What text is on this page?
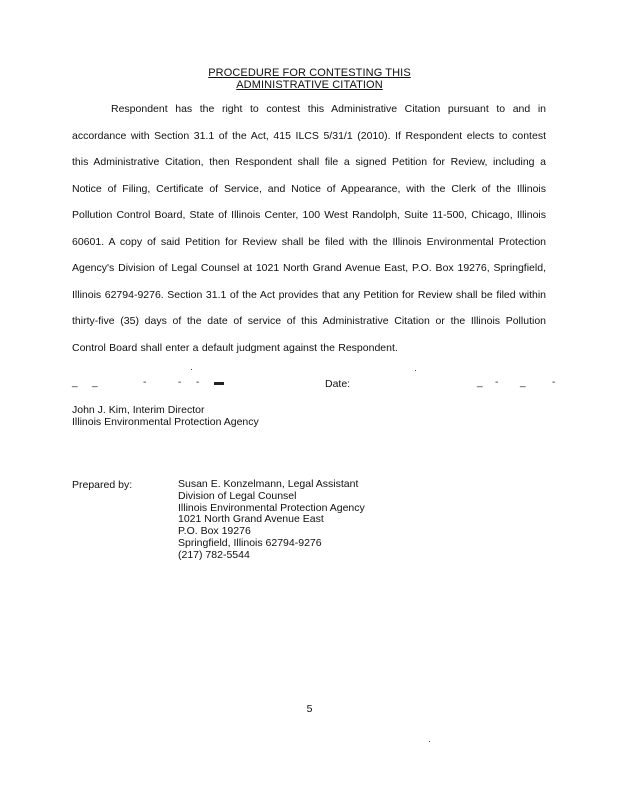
PROCEDURE FOR CONTESTING THIS
ADMINISTRATIVE CITATION

Respondent has the right to contest this Administrative Citation pursuant to and in accordance with Section 31.1 of the Act, 415 ILCS 5/31/1 (2010). If Respondent elects to contest this Administrative Citation, then Respondent shall file a signed Petition for Review, including a Notice of Filing, Certificate of Service, and Notice of Appearance, with the Clerk of the Illinois Pollution Control Board, State of Illinois Center, 100 West Randolph, Suite 11-500, Chicago, Illinois 60601. A copy of said Petition for Review shall be filed with the Illinois Environmental Protection Agency's Division of Legal Counsel at 1021 North Grand Avenue East, P.O. Box 19276, Springfield, Illinois 62794-9276. Section 31.1 of the Act provides that any Petition for Review shall be filed within thirty-five (35) days of the date of service of this Administrative Citation or the Illinois Pollution Control Board shall enter a default judgment against the Respondent.

_ _	-	- - ▬	Date:	_ - _	-
John J. Kim, Interim Director
Illinois Environmental Protection Agency
Prepared by:	Susan E. Konzelmann, Legal Assistant
Division of Legal Counsel
Illinois Environmental Protection Agency
1021 North Grand Avenue East
P.O. Box 19276
Springfield, Illinois 62794-9276
(217) 782-5544
5
